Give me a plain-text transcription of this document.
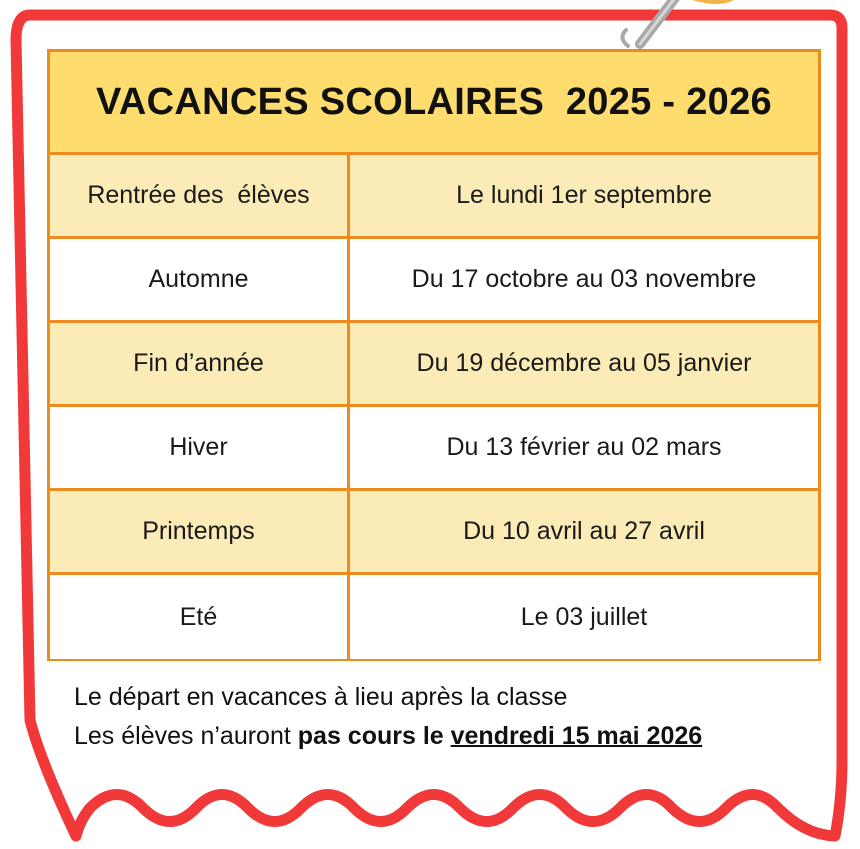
VACANCES SCOLAIRES  2025 - 2026
Rentrée des  élèves	Le lundi 1er septembre
Automne	Du 17 octobre au 03 novembre
Fin d’année	Du 19 décembre au 05 janvier
Hiver	Du 13 février au 02 mars
Printemps	Du 10 avril au 27 avril
Eté	Le 03 juillet
Le départ en vacances à lieu après la classe
Les élèves n’auront pas cours le vendredi 15 mai 2026
